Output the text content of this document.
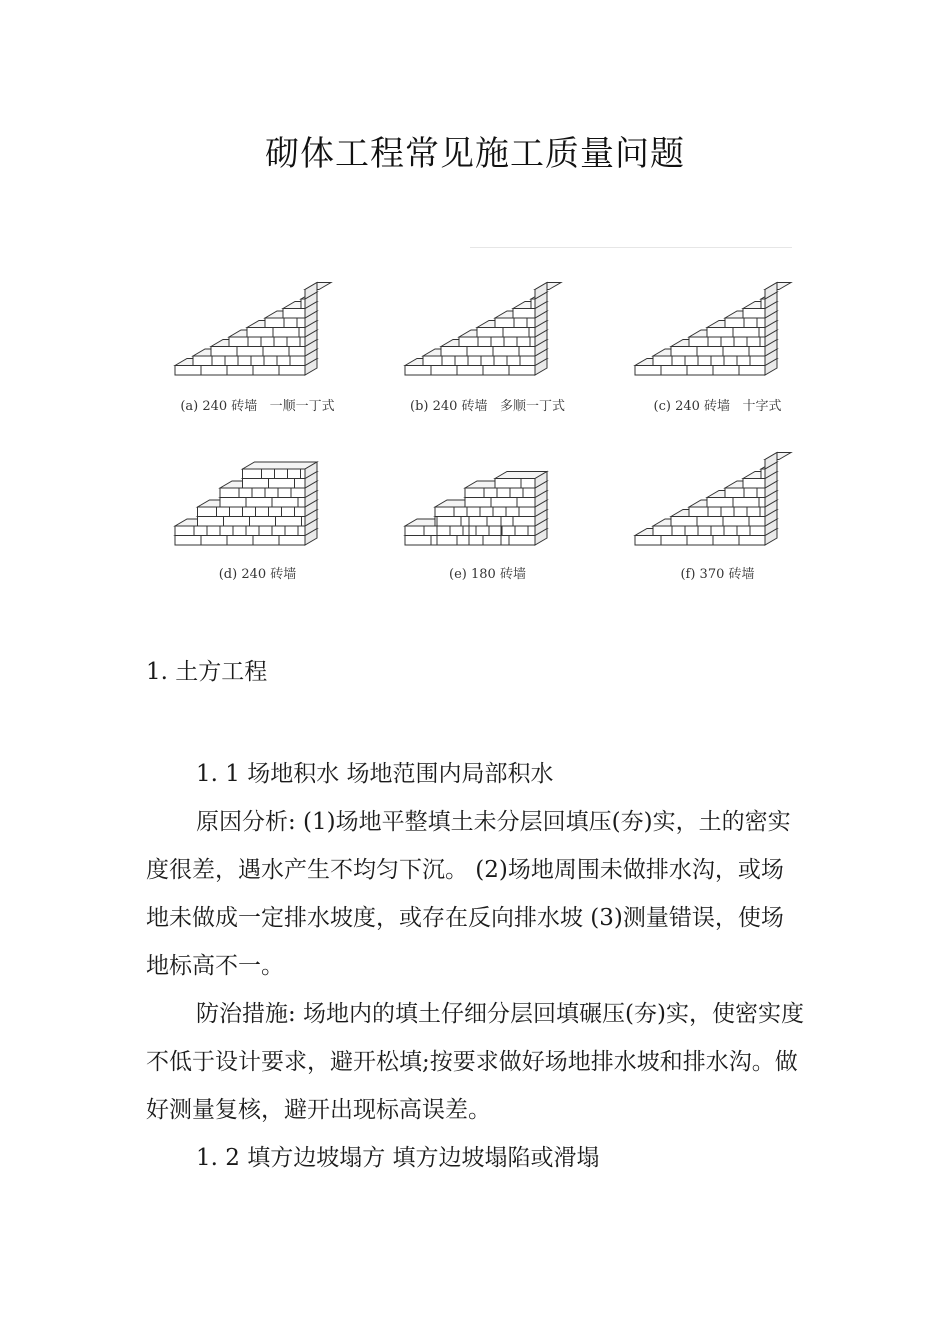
砌体工程常见施工质量问题
(a) 240 砖墙   一顺一丁式	(b) 240 砖墙   多顺一丁式	(c) 240 砖墙   十字式
(d) 240 砖墙	(e) 180 砖墙	(f) 370 砖墙
1. 土方工程
1. 1 场地积水 场地范围内局部积水
原因分析: (1)场地平整填土未分层回填压(夯)实，土的密实度很差，遇水产生不均匀下沉。 (2)场地周围未做排水沟，或场地未做成一定排水坡度，或存在反向排水坡 (3)测量错误，使场地标高不一。
防治措施: 场地内的填土仔细分层回填碾压(夯)实，使密实度不低于设计要求，避开松填;按要求做好场地排水坡和排水沟。做好测量复核，避开出现标高误差。
1. 2 填方边坡塌方 填方边坡塌陷或滑塌
